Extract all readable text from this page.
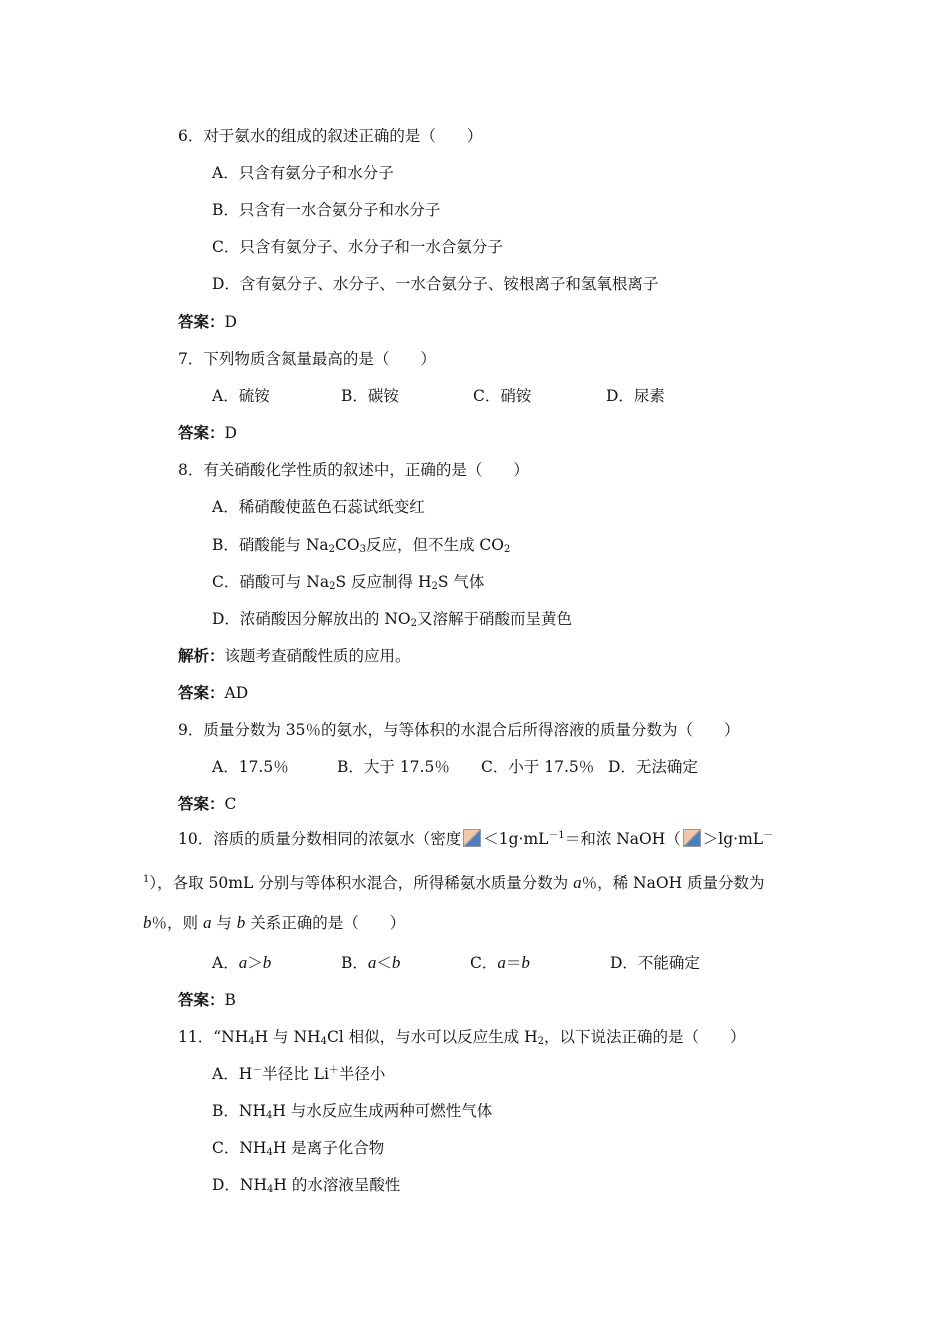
6．对于氨水的组成的叙述正确的是（　　）
A．只含有氨分子和水分子
B．只含有一水合氨分子和水分子
C．只含有氨分子、水分子和一水合氨分子
D．含有氨分子、水分子、一水合氨分子、铵根离子和氢氧根离子
答案：D
7．下列物质含氮量最高的是（　　）
A．硫铵	B．碳铵	C．硝铵	D．尿素
答案：D
8．有关硝酸化学性质的叙述中，正确的是（　　）
A．稀硝酸使蓝色石蕊试纸变红
B．硝酸能与 $Na_2CO_3$反应，但不生成 $CO_2$
C．硝酸可与 $Na_2S$ 反应制得 $H_2S$ 气体
D．浓硝酸因分解放出的 $NO_2$又溶解于硝酸而呈黄色
解析：该题考查硝酸性质的应用。
答案：AD
9．质量分数为 35％的氨水，与等体积的水混合后所得溶液的质量分数为（　　）
A．17.5％	B．大于 17.5％ C．小于 17.5％ D．无法确定
答案：C
10．溶质的质量分数相同的浓氨水（密度 $<1g\cdot mL^{-1}=$和浓 NaOH（ ＞lg·mL－
$^1$），各取 50mL 分别与等体积水混合，所得稀氨水质量分数为 a％，稀 NaOH 质量分数为
b％，则 a 与 b 关系正确的是（　　）
A．a＞b	B．a＜b	C．a＝b	D．不能确定
答案：B
11．“$NH_4H$ 与 $NH_4Cl$ 相似，与水可以反应生成 $H_2$，以下说法正确的是（　　）
A．H－半径比 Li＋半径小
B．$NH_4H$ 与水反应生成两种可燃性气体
C．$NH_4H$ 是离子化合物
D．$NH_4H$ 的水溶液呈酸性
